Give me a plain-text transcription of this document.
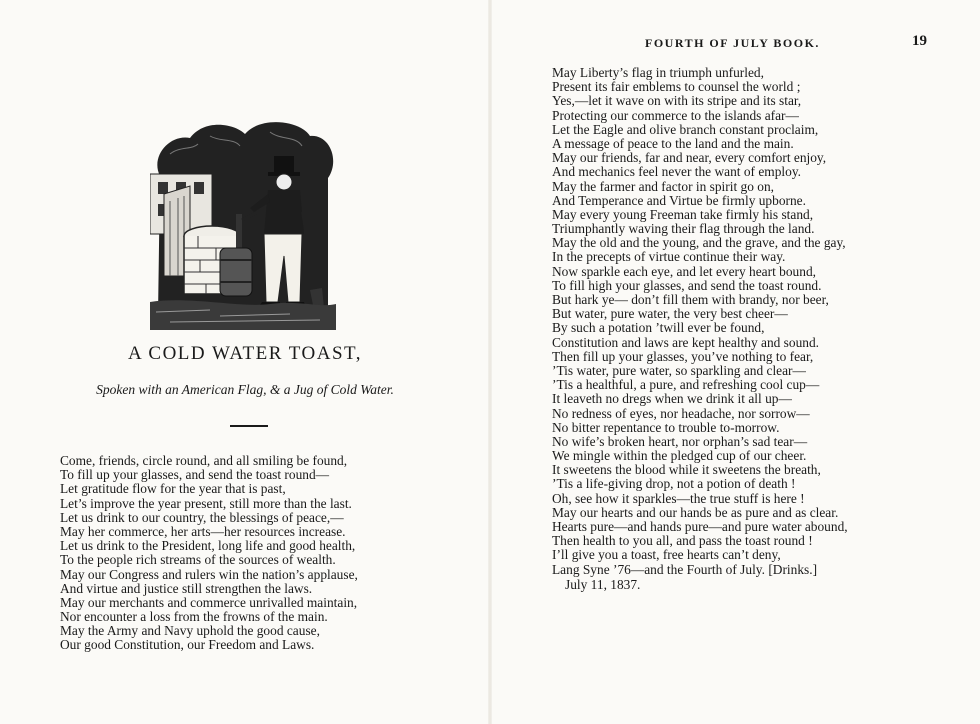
A COLD WATER TOAST,

Spoken with an American Flag, & a Jug of Cold Water.

Come, friends, circle round, and all smiling be found,
To fill up your glasses, and send the toast round—
Let gratitude flow for the year that is past,
Let’s improve the year present, still more than the last.
Let us drink to our country, the blessings of peace,—
May her commerce, her arts—her resources increase.
Let us drink to the President, long life and good health,
To the people rich streams of the sources of wealth.
May our Congress and rulers win the nation’s applause,
And virtue and justice still strengthen the laws.
May our merchants and commerce unrivalled maintain,
Nor encounter a loss from the frowns of the main.
May the Army and Navy uphold the good cause,
Our good Constitution, our Freedom and Laws.
FOURTH OF JULY BOOK.	19
May Liberty’s flag in triumph unfurled,
Present its fair emblems to counsel the world ;
Yes,—let it wave on with its stripe and its star,
Protecting our commerce to the islands afar—
Let the Eagle and olive branch constant proclaim,
A message of peace to the land and the main.
May our friends, far and near, every comfort enjoy,
And mechanics feel never the want of employ.
May the farmer and factor in spirit go on,
And Temperance and Virtue be firmly upborne.
May every young Freeman take firmly his stand,
Triumphantly waving their flag through the land.
May the old and the young, and the grave, and the gay,
In the precepts of virtue continue their way.
Now sparkle each eye, and let every heart bound,
To fill high your glasses, and send the toast round.
But hark ye— don’t fill them with brandy, nor beer,
But water, pure water, the very best cheer—
By such a potation ’twill ever be found,
Constitution and laws are kept healthy and sound.
Then fill up your glasses, you’ve nothing to fear,
’Tis water, pure water, so sparkling and clear—
’Tis a healthful, a pure, and refreshing cool cup—
It leaveth no dregs when we drink it all up—
No redness of eyes, nor headache, nor sorrow—
No bitter repentance to trouble to-morrow.
No wife’s broken heart, nor orphan’s sad tear—
We mingle within the pledged cup of our cheer.
It sweetens the blood while it sweetens the breath,
’Tis a life-giving drop, not a potion of death !
Oh, see how it sparkles—the true stuff is here !
May our hearts and our hands be as pure and as clear.
Hearts pure—and hands pure—and pure water abound,
Then health to you all, and pass the toast round !
I’ll give you a toast, free hearts can’t deny,
Lang Syne ’76—and the Fourth of July. [Drinks.]
July 11, 1837.
